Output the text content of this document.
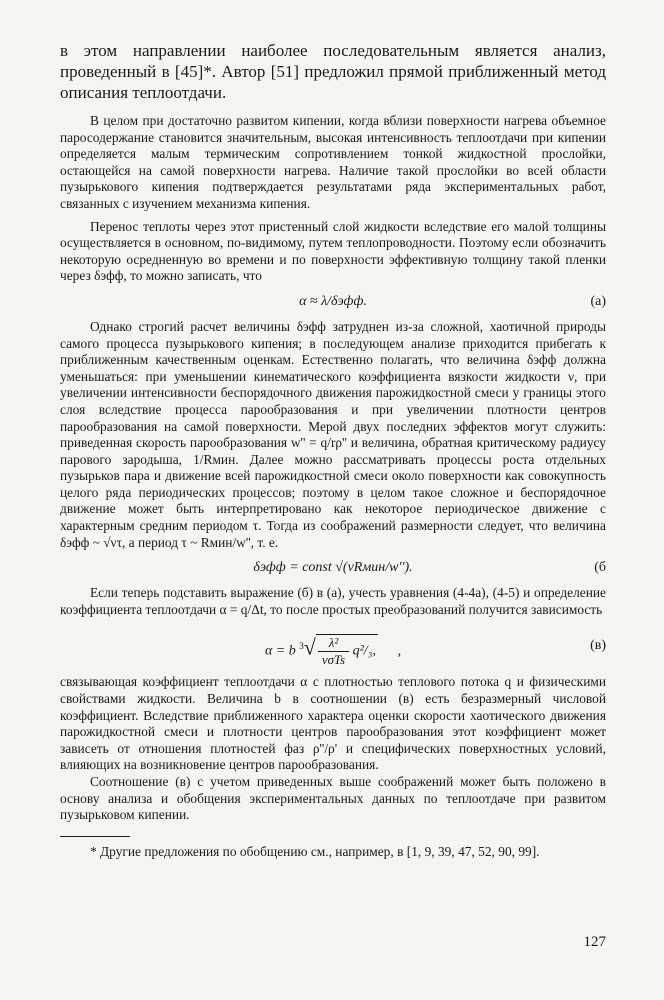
в этом направлении наиболее последовательным является анализ, проведенный в [45]*. Автор [51] предложил прямой приближенный метод описания теплоотдачи.

В целом при достаточно развитом кипении, когда вблизи поверхности нагрева объемное паросодержание становится значительным, высокая интенсивность теплоотдачи при кипении определяется малым термическим сопротивлением тонкой жидкостной прослойки, остающейся на самой поверхности нагрева. Наличие такой прослойки во всей области пузырькового кипения подтверждается результатами ряда экспериментальных работ, связанных с изучением механизма кипения.

Перенос теплоты через этот пристенный слой жидкости вследствие его малой толщины осуществляется в основном, по-видимому, путем теплопроводности. Поэтому если обозначить некоторую осредненную во времени и по поверхности эффективную толщину такой пленки через δэфф, то можно записать, что

α ≈ λ/δэфф.	(а)

Однако строгий расчет величины δэфф затруднен из-за сложной, хаотичной природы самого процесса пузырькового кипения; в последующем анализе приходится прибегать к приближенным качественным оценкам. Естественно полагать, что величина δэфф должна уменьшаться: при уменьшении кинематического коэффициента вязкости жидкости ν, при увеличении интенсивности беспорядочного движения парожидкостной смеси у границы этого слоя вследствие процесса парообразования и при увеличении плотности центров парообразования на самой поверхности. Мерой двух последних эффектов могут служить: приведенная скорость парообразования w'' = q/rρ'' и величина, обратная критическому радиусу парового зародыша, 1/Rмин. Далее можно рассматривать процессы роста отдельных пузырьков пара и движение всей парожидкостной смеси около поверхности как совокупность целого ряда периодических процессов; поэтому в целом такое сложное и беспорядочное движение может быть интерпретировано как некоторое периодическое движение с характерным средним периодом τ. Тогда из соображений размерности следует, что величина δэфф ~ √ντ, а период τ ~ Rмин/w'', т. е.

δэфф = const √(νRмин/w'').	(б

Если теперь подставить выражение (б) в (а), учесть уравнения (4-4а), (4-5) и определение коэффициента теплоотдачи α = q/Δt, то после простых преобразований получится зависимость

α = b $^3√ \frac{\text{λ²}}{\text{νσTs}} q^2/_3$, ,	(в)

связывающая коэффициент теплоотдачи α с плотностью теплового потока q и физическими свойствами жидкости. Величина b в соотношении (в) есть безразмерный числовой коэффициент. Вследствие приближенного характера оценки скорости хаотического движения парожидкостной смеси и плотности центров парообразования этот коэффициент может зависеть от отношения плотностей фаз ρ''/ρ' и специфических поверхностных условий, влияющих на возникновение центров парообразования.

Соотношение (в) с учетом приведенных выше соображений может быть положено в основу анализа и обобщения экспериментальных данных по теплоотдаче при развитом пузырьковом кипении.

* Другие предложения по обобщению см., например, в [1, 9, 39, 47, 52, 90, 99].

127
